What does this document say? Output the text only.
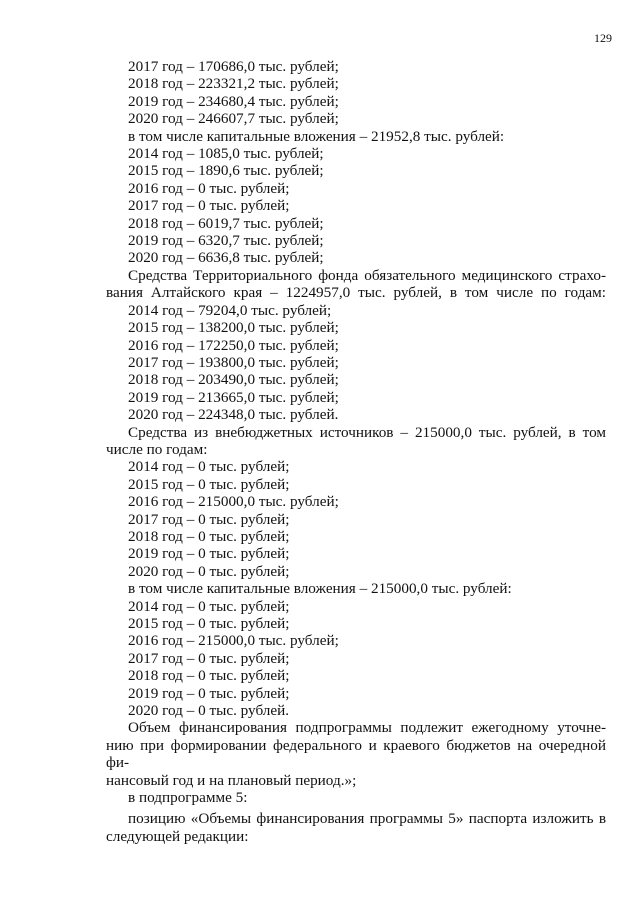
129
2017 год – 170686,0 тыс. рублей;
2018 год – 223321,2 тыс. рублей;
2019 год – 234680,4 тыс. рублей;
2020 год – 246607,7 тыс. рублей;
в том числе капитальные вложения – 21952,8 тыс. рублей:
2014 год – 1085,0 тыс. рублей;
2015 год – 1890,6 тыс. рублей;
2016 год – 0 тыс. рублей;
2017 год – 0 тыс. рублей;
2018 год – 6019,7 тыс. рублей;
2019 год – 6320,7 тыс. рублей;
2020 год – 6636,8 тыс. рублей;
Средства Территориального фонда обязательного медицинского страхо-
вания Алтайского края – 1224957,0 тыс. рублей, в том числе по годам:
2014 год – 79204,0 тыс. рублей;
2015 год – 138200,0 тыс. рублей;
2016 год – 172250,0 тыс. рублей;
2017 год – 193800,0 тыс. рублей;
2018 год – 203490,0 тыс. рублей;
2019 год – 213665,0 тыс. рублей;
2020 год – 224348,0 тыс. рублей.
Средства из внебюджетных источников – 215000,0 тыс. рублей, в том
числе по годам:
2014 год – 0 тыс. рублей;
2015 год – 0 тыс. рублей;
2016 год – 215000,0 тыс. рублей;
2017 год – 0 тыс. рублей;
2018 год – 0 тыс. рублей;
2019 год – 0 тыс. рублей;
2020 год – 0 тыс. рублей;
в том числе капитальные вложения – 215000,0 тыс. рублей:
2014 год – 0 тыс. рублей;
2015 год – 0 тыс. рублей;
2016 год – 215000,0 тыс. рублей;
2017 год – 0 тыс. рублей;
2018 год – 0 тыс. рублей;
2019 год – 0 тыс. рублей;
2020 год – 0 тыс. рублей.
Объем финансирования подпрограммы подлежит ежегодному уточне-
нию при формировании федерального и краевого бюджетов на очередной фи-
нансовый год и на плановый период.»;
в подпрограмме 5:
позицию «Объемы финансирования программы 5» паспорта изложить в
следующей редакции:
